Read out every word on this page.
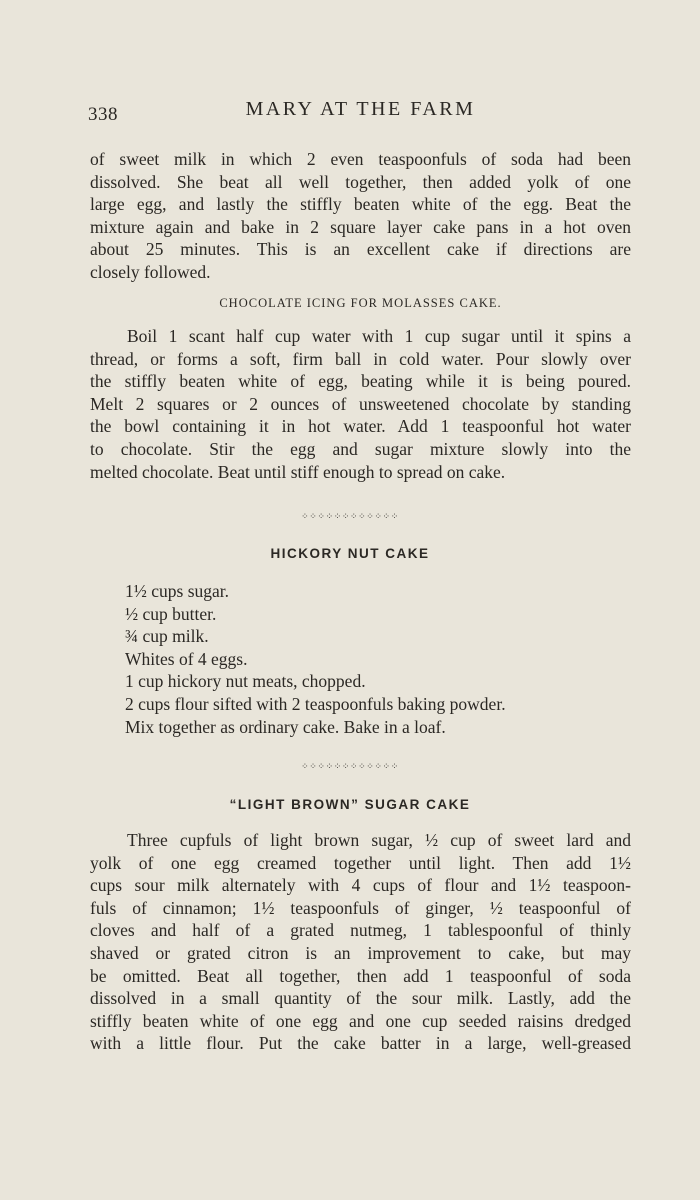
338	MARY AT THE FARM

of sweet milk in which 2 even teaspoonfuls of soda had been

dissolved. She beat all well together, then added yolk of one

large egg, and lastly the stiffly beaten white of the egg. Beat the

mixture again and bake in 2 square layer cake pans in a hot oven

about 25 minutes. This is an excellent cake if directions are

closely followed.

CHOCOLATE ICING FOR MOLASSES CAKE.

Boil 1 scant half cup water with 1 cup sugar until it spins a

thread, or forms a soft, firm ball in cold water. Pour slowly over

the stiffly beaten white of egg, beating while it is being poured.

Melt 2 squares or 2 ounces of unsweetened chocolate by standing

the bowl containing it in hot water. Add 1 teaspoonful hot water

to chocolate. Stir the egg and sugar mixture slowly into the

melted chocolate. Beat until stiff enough to spread on cake.

⁘⁘⁘⁘⁘⁘⁘⁘⁘⁘⁘⁘
HICKORY NUT CAKE
1½ cups sugar.
½ cup butter.
¾ cup milk.
Whites of 4 eggs.
1 cup hickory nut meats, chopped.
2 cups flour sifted with 2 teaspoonfuls baking powder.
Mix together as ordinary cake. Bake in a loaf.
⁘⁘⁘⁘⁘⁘⁘⁘⁘⁘⁘⁘
“LIGHT BROWN” SUGAR CAKE

Three cupfuls of light brown sugar, ½ cup of sweet lard and

yolk of one egg creamed together until light. Then add 1½

cups sour milk alternately with 4 cups of flour and 1½ teaspoon-

fuls of cinnamon; 1½ teaspoonfuls of ginger, ½ teaspoonful of

cloves and half of a grated nutmeg, 1 tablespoonful of thinly

shaved or grated citron is an improvement to cake, but may

be omitted. Beat all together, then add 1 teaspoonful of soda

dissolved in a small quantity of the sour milk. Lastly, add the

stiffly beaten white of one egg and one cup seeded raisins dredged

with a little flour. Put the cake batter in a large, well-greased
